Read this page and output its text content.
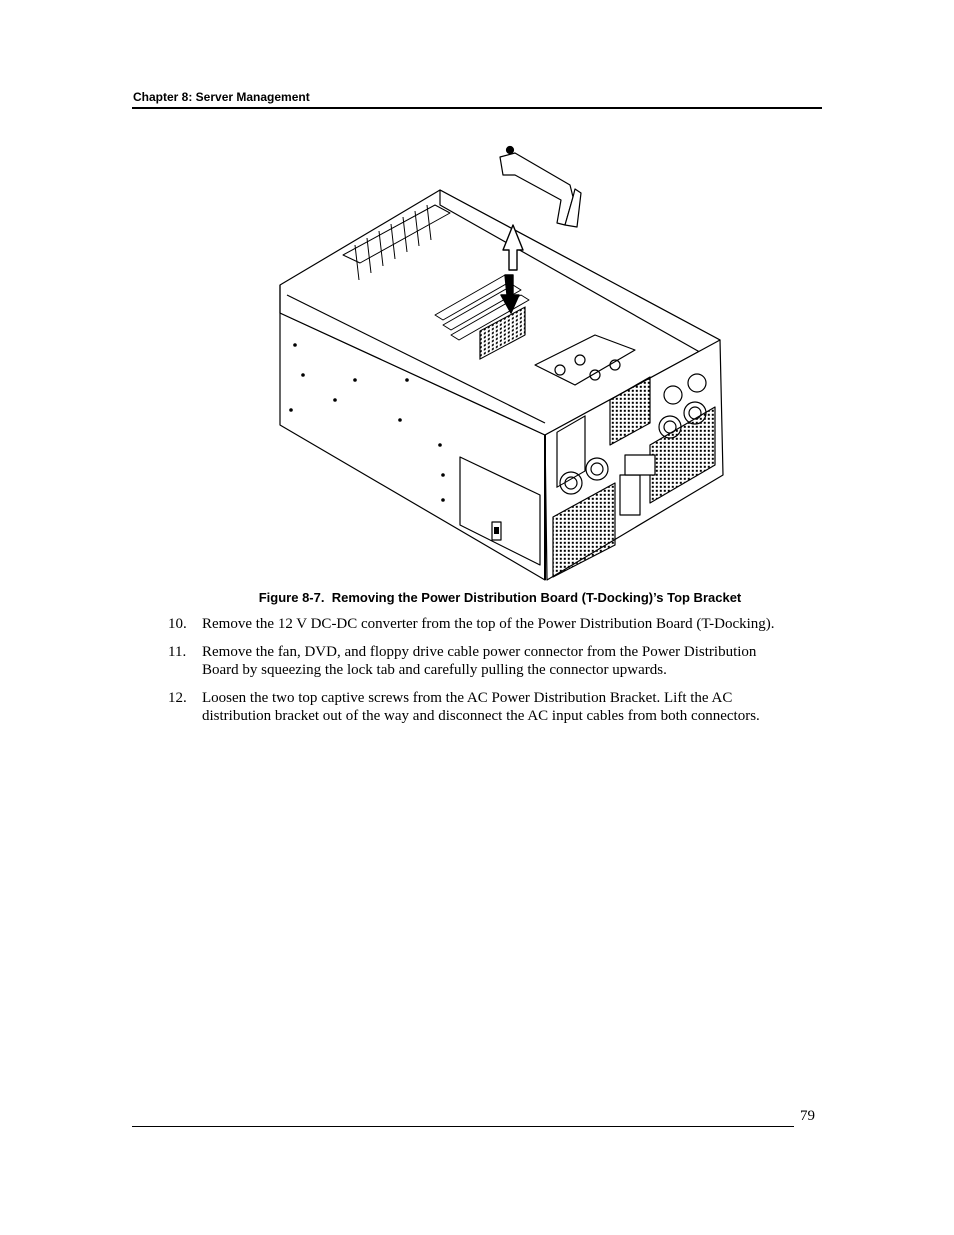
Chapter 8: Server Management
Figure 8-7. Removing the Power Distribution Board (T-Docking)’s Top Bracket
10.	Remove the 12 V DC-DC converter from the top of the Power Distribution Board (T-Docking).
11.	Remove the fan, DVD, and floppy drive cable power connector from the Power Distribution Board by squeezing the lock tab and carefully pulling the connector upwards.
12.	Loosen the two top captive screws from the AC Power Distribution Bracket. Lift the AC distribution bracket out of the way and disconnect the AC input cables from both connectors.
79
